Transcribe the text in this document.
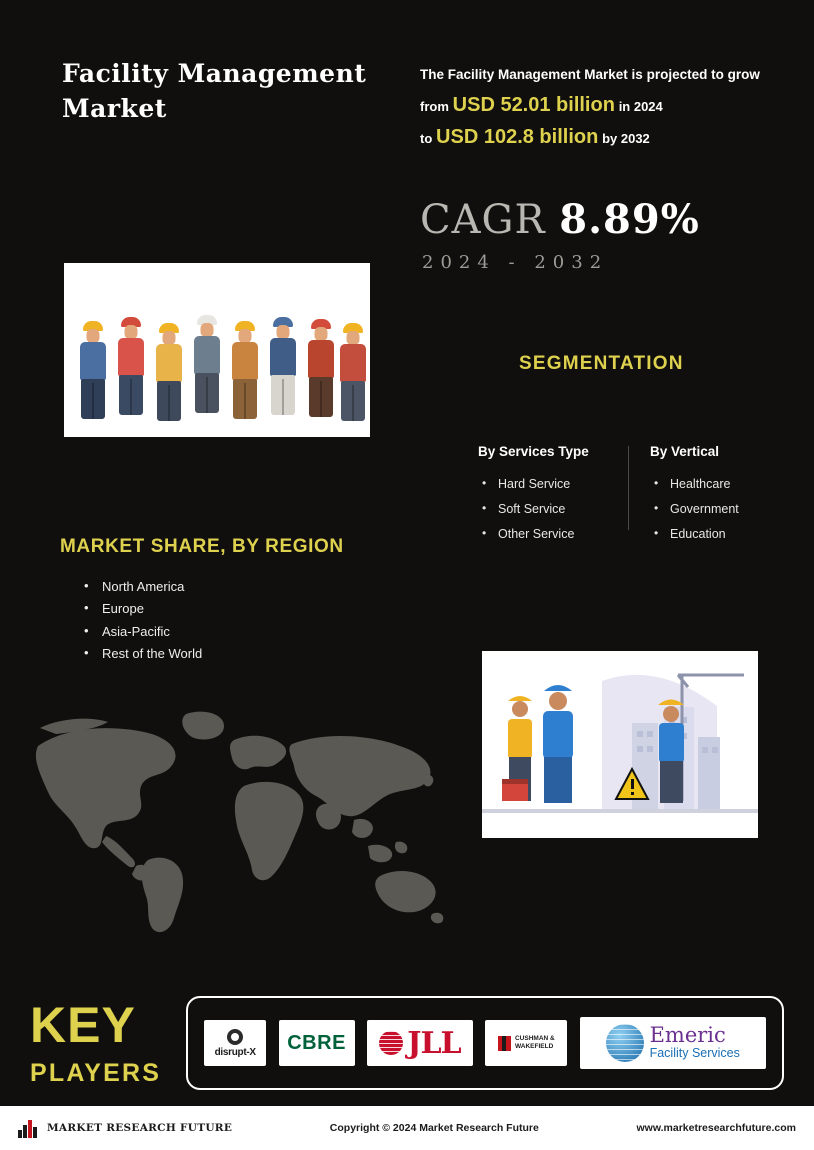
Facility Management Market
The Facility Management Market is projected to grow
from USD 52.01 billion in 2024
to USD 102.8 billion by 2032
CAGR 8.89%
2024 - 2032
SEGMENTATION
By Services Type
• Hard Service
• Soft Service
• Other Service
By Vertical
• Healthcare
• Government
• Education
MARKET SHARE, BY REGION
• North America
• Europe
• Asia-Pacific
• Rest of the World
KEY
PLAYERS
disrupt-X CBRE JLL	CUSHMAN &
WAKEFIELD	Emeric
Facility Services
MARKET RESEARCH FUTURE	Copyright © 2024 Market Research Future	www.marketresearchfuture.com
